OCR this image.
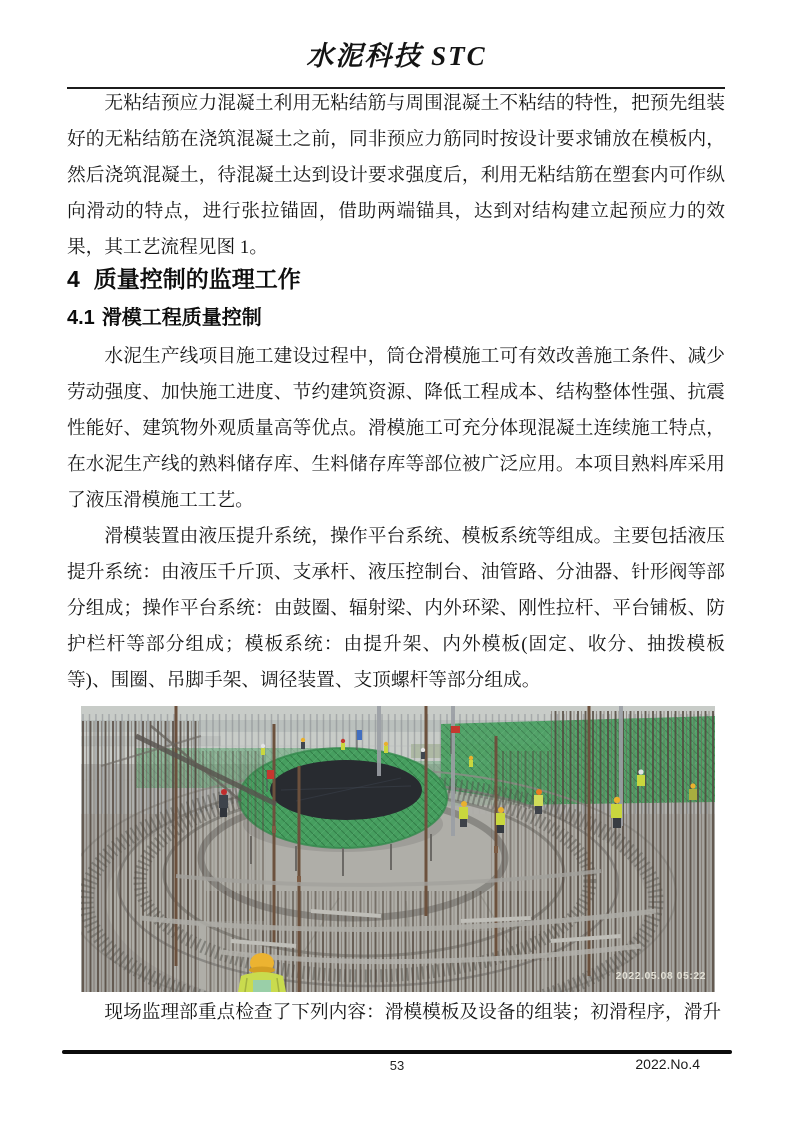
水泥科技 STC
无粘结预应力混凝土利用无粘结筋与周围混凝土不粘结的特性，把预先组装好的无粘结筋在浇筑混凝土之前，同非预应力筋同时按设计要求铺放在模板内，然后浇筑混凝土，待混凝土达到设计要求强度后，利用无粘结筋在塑套内可作纵向滑动的特点，进行张拉锚固，借助两端锚具，达到对结构建立起预应力的效果，其工艺流程见图 1。
4 质量控制的监理工作
4.1 滑模工程质量控制
水泥生产线项目施工建设过程中，筒仓滑模施工可有效改善施工条件、减少劳动强度、加快施工进度、节约建筑资源、降低工程成本、结构整体性强、抗震性能好、建筑物外观质量高等优点。滑模施工可充分体现混凝土连续施工特点，在水泥生产线的熟料储存库、生料储存库等部位被广泛应用。本项目熟料库采用了液压滑模施工工艺。
滑模装置由液压提升系统，操作平台系统、模板系统等组成。主要包括液压提升系统：由液压千斤顶、支承杆、液压控制台、油管路、分油器、针形阀等部分组成；操作平台系统：由鼓圈、辐射梁、内外环梁、刚性拉杆、平台铺板、防护栏杆等部分组成；模板系统：由提升架、内外模板(固定、收分、抽拨模板等)、围圈、吊脚手架、调径装置、支顶螺杆等部分组成。
2022.05.08 05:22
现场监理部重点检查了下列内容：滑模模板及设备的组装；初滑程序，滑升
53	2022.No.4
